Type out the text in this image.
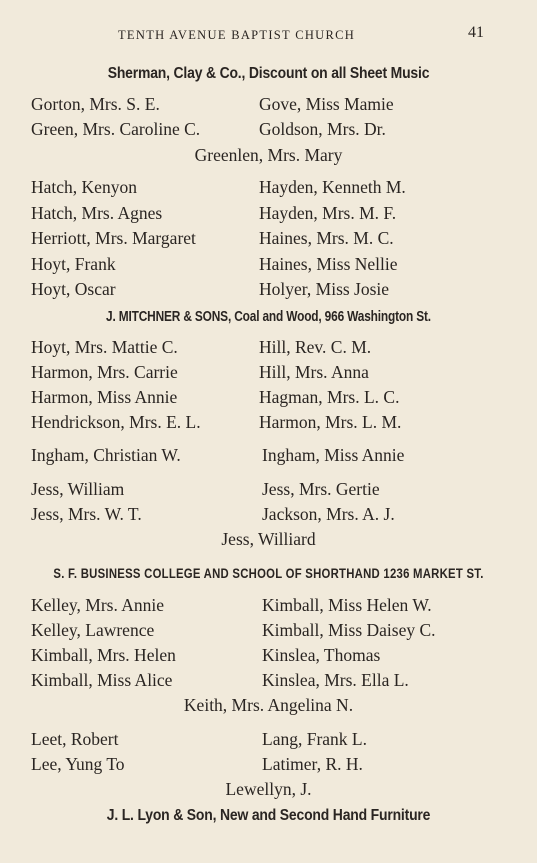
TENTH AVENUE BAPTIST CHURCH	41
Sherman, Clay & Co., Discount on all Sheet Music
Gorton, Mrs. S. E.	Gove, Miss Mamie
Green, Mrs. Caroline C.	Goldson, Mrs. Dr.
Greenlen, Mrs. Mary
Hatch, Kenyon	Hayden, Kenneth M.
Hatch, Mrs. Agnes	Hayden, Mrs. M. F.
Herriott, Mrs. Margaret	Haines, Mrs. M. C.
Hoyt, Frank	Haines, Miss Nellie
Hoyt, Oscar	Holyer, Miss Josie
J. MITCHNER & SONS, Coal and Wood, 966 Washington St.
Hoyt, Mrs. Mattie C.	Hill, Rev. C. M.
Harmon, Mrs. Carrie	Hill, Mrs. Anna
Harmon, Miss Annie	Hagman, Mrs. L. C.
Hendrickson, Mrs. E. L.	Harmon, Mrs. L. M.
Ingham, Christian W.	Ingham, Miss Annie
Jess, William	Jess, Mrs. Gertie
Jess, Mrs. W. T.	Jackson, Mrs. A. J.
Jess, Williard
S. F. BUSINESS COLLEGE AND SCHOOL OF SHORTHAND 1236 MARKET ST.
Kelley, Mrs. Annie	Kimball, Miss Helen W.
Kelley, Lawrence	Kimball, Miss Daisey C.
Kimball, Mrs. Helen	Kinslea, Thomas
Kimball, Miss Alice	Kinslea, Mrs. Ella L.
Keith, Mrs. Angelina N.
Leet, Robert	Lang, Frank L.
Lee, Yung To	Latimer, R. H.
Lewellyn, J.
J. L. Lyon & Son, New and Second Hand Furniture
